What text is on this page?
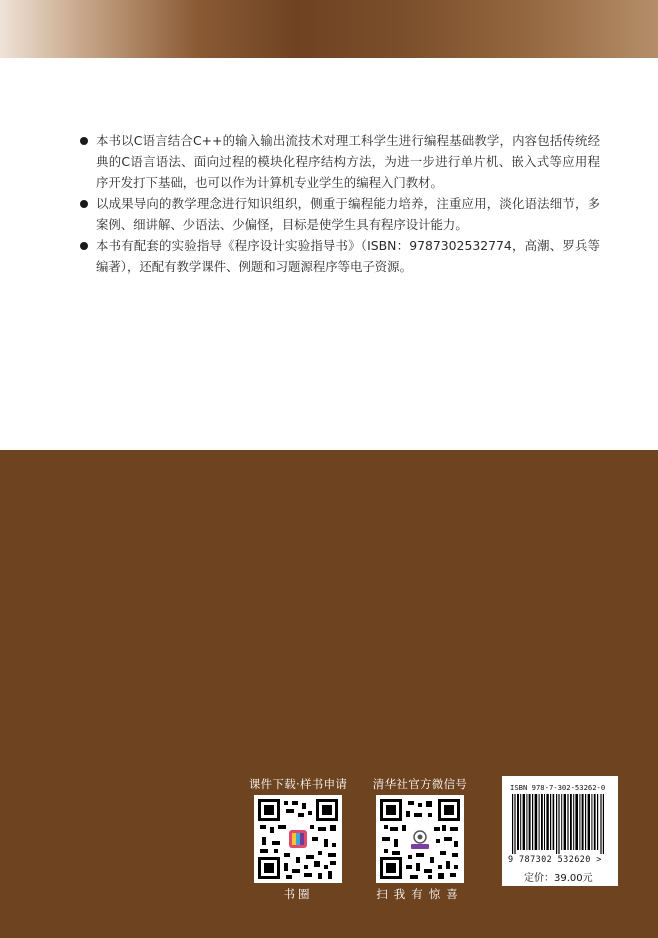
本书以C语言结合C++的输入输出流技术对理工科学生进行编程基础教学，内容包括传统经典的C语言语法、面向过程的模块化程序结构方法，为进一步进行单片机、嵌入式等应用程序开发打下基础，也可以作为计算机专业学生的编程入门教材。

以成果导向的教学理念进行知识组织，侧重于编程能力培养，注重应用，淡化语法细节，多案例、细讲解、少语法、少偏怪，目标是使学生具有程序设计能力。

本书有配套的实验指导《程序设计实验指导书》（ISBN：9787302532774，高潮、罗兵等编著），还配有教学课件、例题和习题源程序等电子资源。

课件下载·样书申请
书圈
清华社官方微信号
扫我有惊喜
ISBN 978-7-302-53262-0
9 787302 532620 >
定价：39.00元
